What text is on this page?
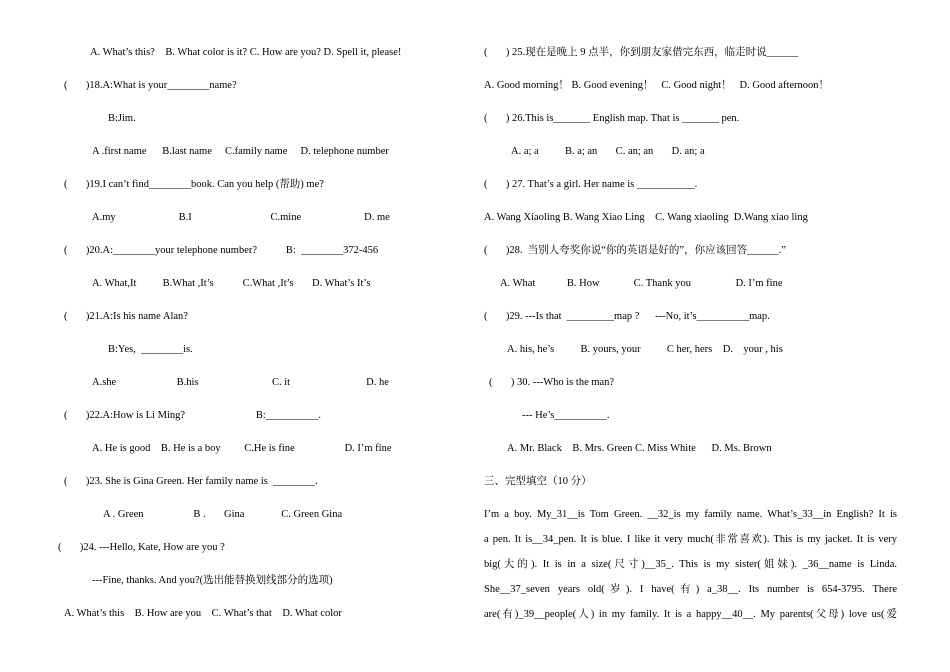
A. What’s this?    B. What color is it? C. How are you? D. Spell it, please!
(       )18.A:What is your________name?
B:Jim.
A .first name      B.last name     C.family name     D. telephone number
(       )19.I can’t find________book. Can you help (帮助) me?
A.my                        B.I                              C.mine                        D. me
(       )20.A:________your telephone number?           B:  ________372-456
A. What,It          B.What ,It’s           C.What ,It’s       D. What’s It’s
(       )21.A:Is his name Alan?
B:Yes,  ________is.
A.she                       B.his                            C. it                             D. he
(       )22.A:How is Li Ming?                           B:__________.
A. He is good    B. He is a boy         C.He is fine                   D. I’m fine
(       )23. She is Gina Green. Her family name is  ________.
A . Green                   B .       Gina              C. Green Gina
(       )24. ---Hello, Kate, How are you ?
---Fine, thanks. And you?(选出能替换划线部分的选项)
A. What’s this    B. How are you    C. What’s that    D. What color
(       ) 25.现在是晚上 9 点半，你到朋友家借完东西，临走时说______
A. Good morning！ B. Good evening！   C. Good night！   D. Good afternoon！
(       ) 26.This is_______ English map. That is _______ pen.
A. a; a          B. a; an       C. an; an       D. an; a
(       ) 27. That’s a girl. Her name is ___________.
A. Wang Xiaoling B. Wang Xiao Ling    C. Wang xiaoling  D.Wang xiao ling
(       )28.  当别人夸奖你说“你的英语是好的”，你应该回答______.”
A. What            B. How             C. Thank you                 D. I’m fine
(       )29. ---Is that  _________map ?      ---No, it’s__________map.
A. his, he’s          B. yours, your          C her, hers    D.    your , his
(       ) 30. ---Who is the man?
--- He’s__________.
A. Mr. Black    B. Mrs. Green C. Miss White      D. Ms. Brown
三、完型填空（10 分）
I’m a boy. My_31__is Tom Green. __32_is my family name. What’s_33__in English? It is
a pen. It is__34_pen. It is blue. I like it very much(非常喜欢). This is my jacket. It is very
big(大的). It is in a size(尺寸)__35_. This is my sister(姐妹). _36__name is Linda.
She__37_seven years old(岁). I have(有) a_38__. Its number is 654-3795. There
are(有)_39__people(人) in my family. It is a happy__40__. My parents(父母) love us(爱
